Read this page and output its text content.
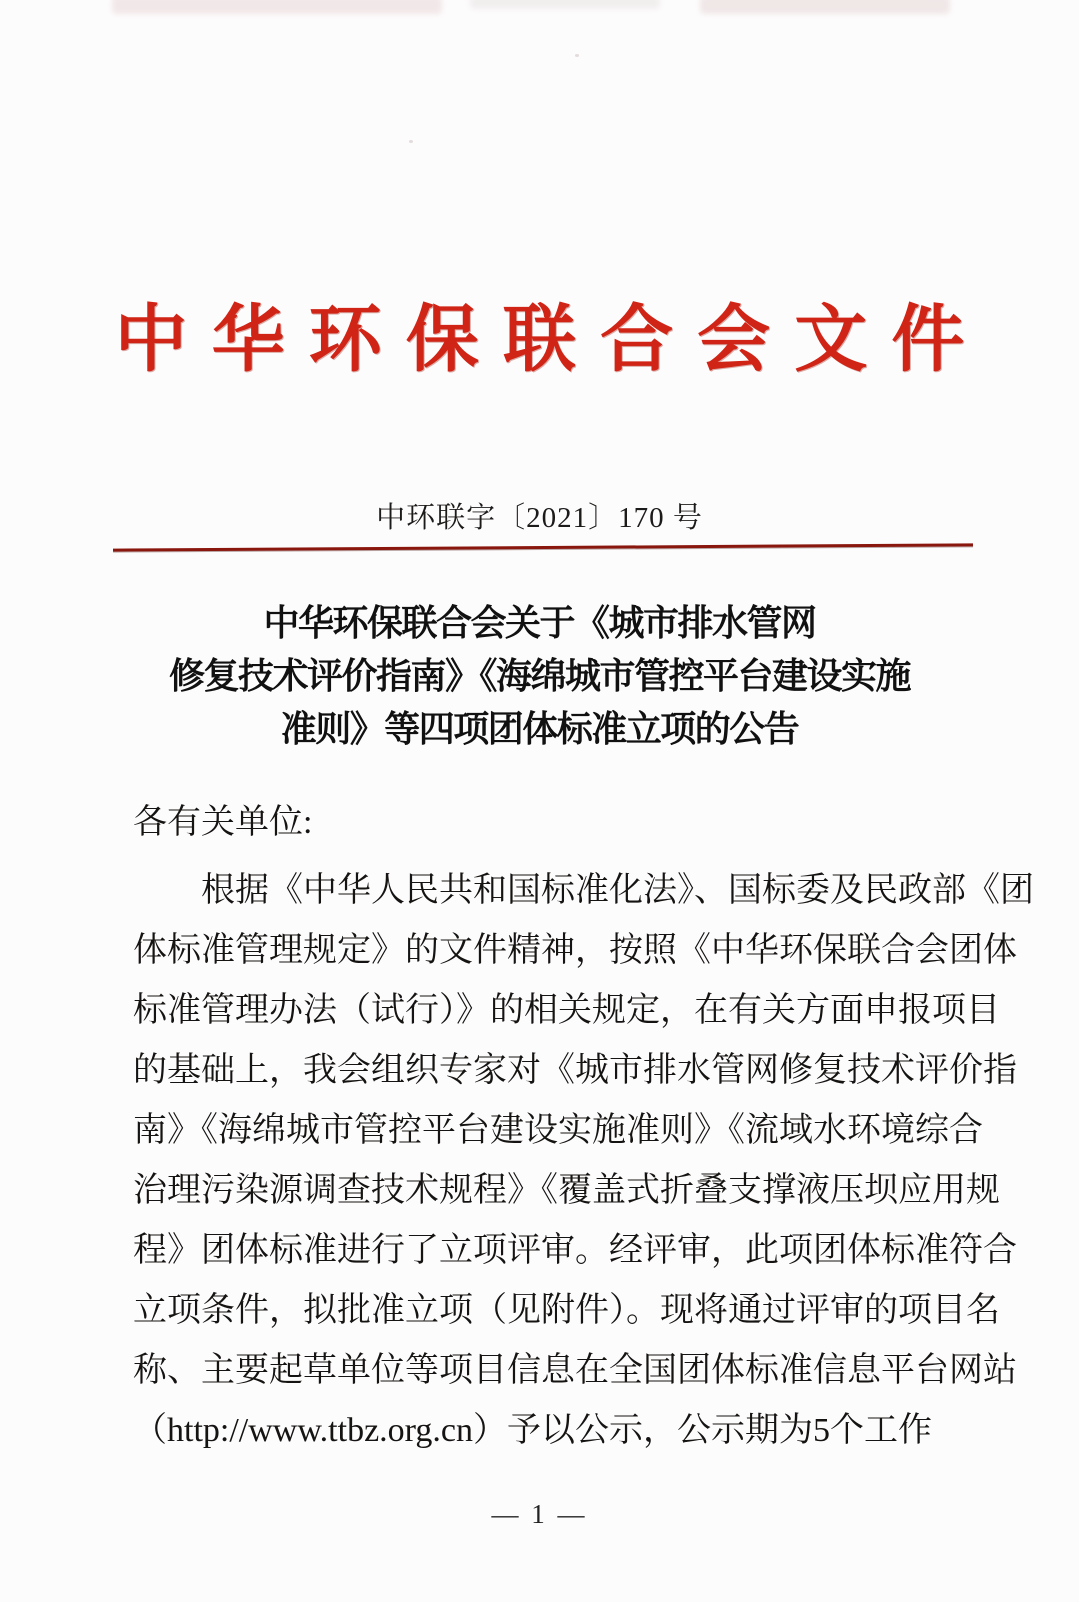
中华环保联合会文件
中环联字〔2021〕170 号
中华环保联合会关于《城市排水管网
修复技术评价指南》《海绵城市管控平台建设实施
准则》等四项团体标准立项的公告
各有关单位:
根据《中华人民共和国标准化法》、国标委及民政部《团
体标准管理规定》的文件精神，按照《中华环保联合会团体
标准管理办法（试行）》的相关规定，在有关方面申报项目
的基础上，我会组织专家对《城市排水管网修复技术评价指
南》《海绵城市管控平台建设实施准则》《流域水环境综合
治理污染源调查技术规程》《覆盖式折叠支撑液压坝应用规
程》团体标准进行了立项评审。经评审，此项团体标准符合
立项条件，拟批准立项（见附件）。现将通过评审的项目名
称、主要起草单位等项目信息在全国团体标准信息平台网站
（http://www.ttbz.org.cn）予以公示，公示期为5个工作
— 1 —
